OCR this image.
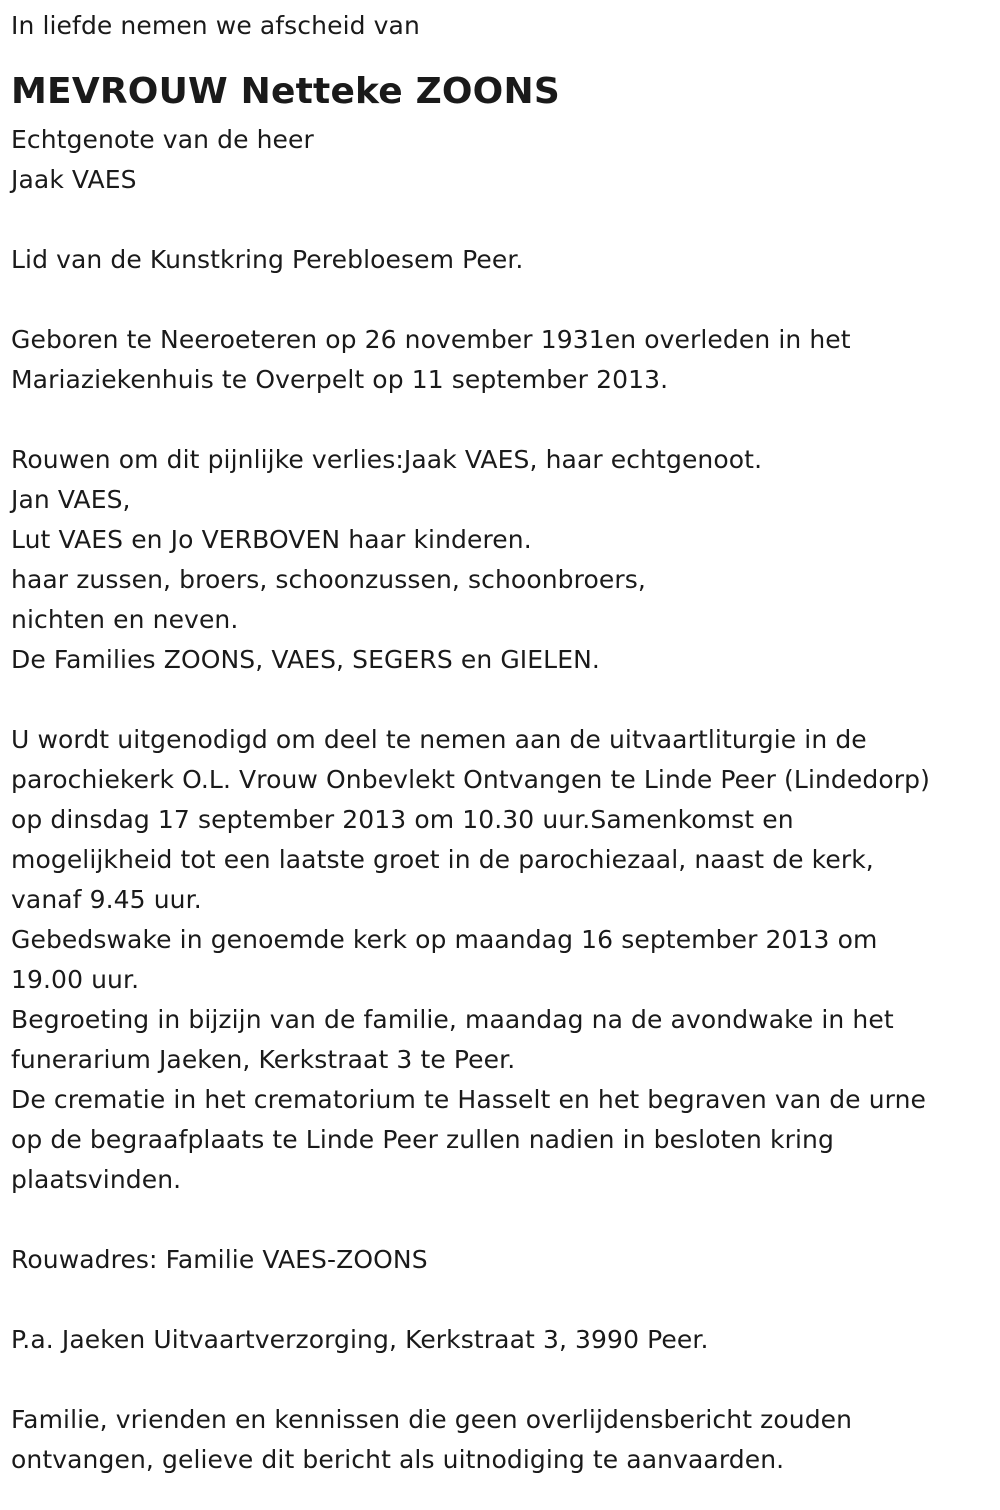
In liefde nemen we afscheid van
MEVROUW Netteke ZOONS
Echtgenote van de heer
Jaak VAES
Lid van de Kunstkring Perebloesem Peer.
Geboren te Neeroeteren op 26 november 1931en overleden in het
Mariaziekenhuis te Overpelt op 11 september 2013.
Rouwen om dit pijnlijke verlies:Jaak VAES, haar echtgenoot.
Jan VAES,
Lut VAES en Jo VERBOVEN haar kinderen.
haar zussen, broers, schoonzussen, schoonbroers,
nichten en neven.
De Families ZOONS, VAES, SEGERS en GIELEN.
U wordt uitgenodigd om deel te nemen aan de uitvaartliturgie in de
parochiekerk O.L. Vrouw Onbevlekt Ontvangen te Linde Peer (Lindedorp)
op dinsdag 17 september 2013 om 10.30 uur.Samenkomst en
mogelijkheid tot een laatste groet in de parochiezaal, naast de kerk,
vanaf 9.45 uur.
Gebedswake in genoemde kerk op maandag 16 september 2013 om
19.00 uur.
Begroeting in bijzijn van de familie, maandag na de avondwake in het
funerarium Jaeken, Kerkstraat 3 te Peer.
De crematie in het crematorium te Hasselt en het begraven van de urne
op de begraafplaats te Linde Peer zullen nadien in besloten kring
plaatsvinden.
Rouwadres: Familie VAES-ZOONS
P.a. Jaeken Uitvaartverzorging, Kerkstraat 3, 3990 Peer.
Familie, vrienden en kennissen die geen overlijdensbericht zouden
ontvangen, gelieve dit bericht als uitnodiging te aanvaarden.
